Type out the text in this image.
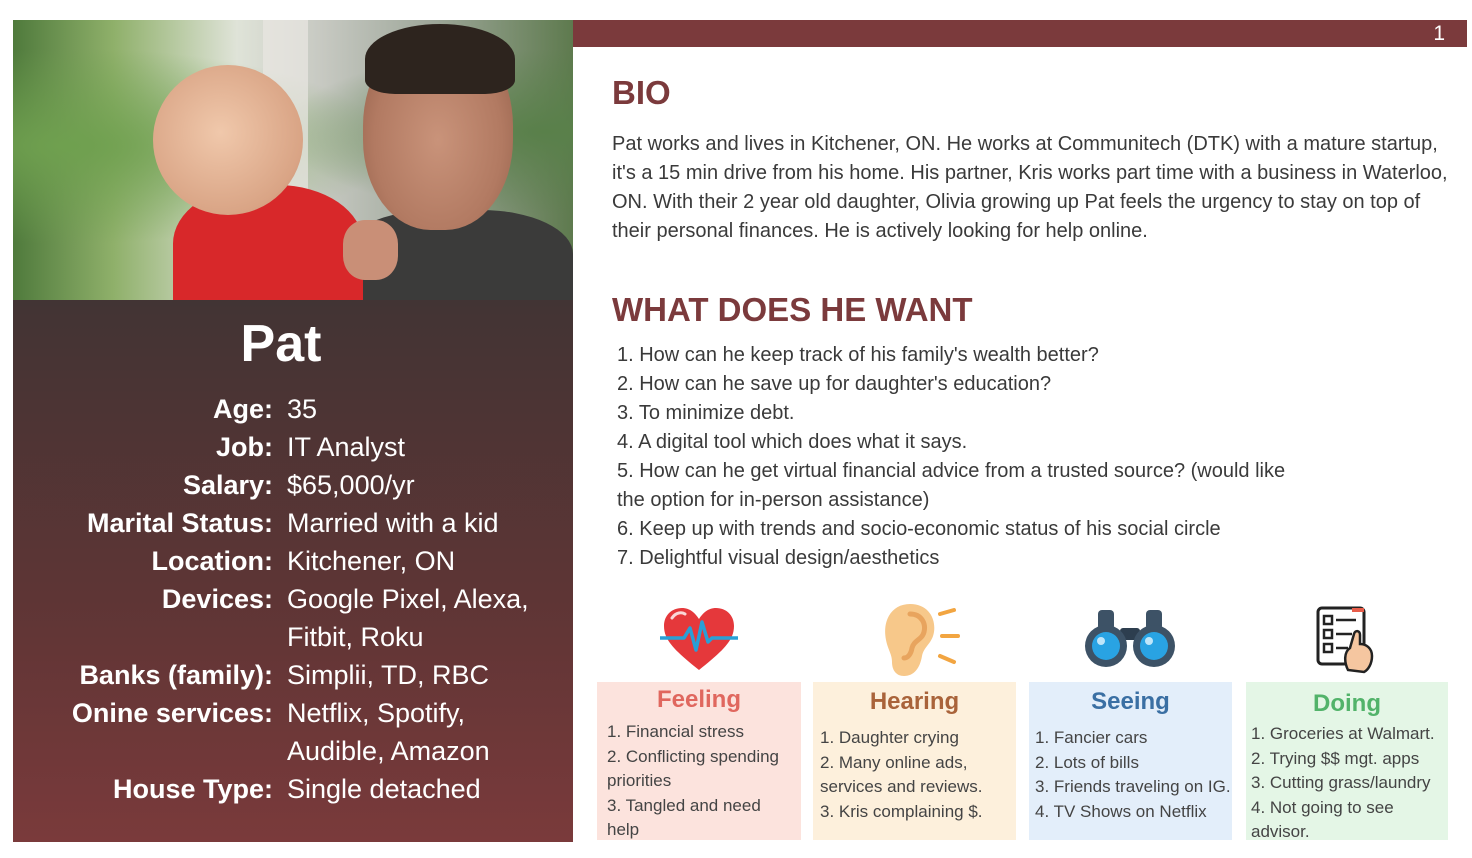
Pat
Age: 35
Job: IT Analyst
Salary: $65,000/yr
Marital Status: Married with a kid
Location: Kitchener, ON
Devices: Google Pixel, Alexa,
Fitbit, Roku
Banks (family): Simplii, TD, RBC
Onine services: Netflix, Spotify,
Audible, Amazon
House Type: Single detached
1
BIO
Pat works and lives in Kitchener, ON. He works at Communitech (DTK) with a mature startup, it's a 15 min drive from his home. His partner, Kris works part time with a business in Waterloo, ON. With their 2 year old daughter, Olivia growing up Pat feels the urgency to stay on top of their personal finances. He is actively looking for help online.
WHAT DOES HE WANT
1. How can he keep track of his family's wealth better?
2. How can he save up for daughter's education?
3. To minimize debt.
4. A digital tool which does what it says.
5. How can he get virtual financial advice from a trusted source? (would like the option for in-person assistance)
6. Keep up with trends and socio-economic status of his social circle
7. Delightful visual design/aesthetics
Feeling
1. Financial stress
2. Conflicting spending priorities
3. Tangled and need help
Hearing
1. Daughter crying
2. Many online ads, services and reviews.
3. Kris complaining $.
Seeing
1. Fancier cars
2. Lots of bills
3. Friends traveling on IG.
4. TV Shows on Netflix
Doing
1. Groceries at Walmart.
2. Trying $$ mgt. apps
3. Cutting grass/laundry
4. Not going to see advisor.
